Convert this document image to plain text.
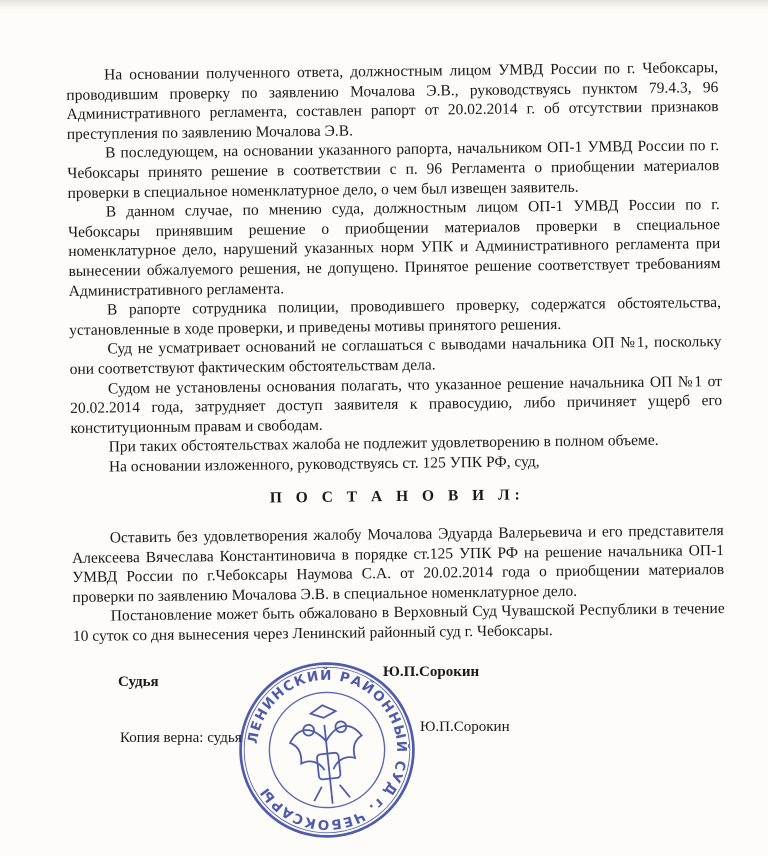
На основании полученного ответа, должностным лицом УМВД России по г. Чебоксары, проводившим проверку по заявлению Мочалова Э.В., руководствуясь пунктом 79.4.3, 96 Административного регламента, составлен рапорт от 20.02.2014 г. об отсутствии признаков преступления по заявлению Мочалова Э.В.

В последующем, на основании указанного рапорта, начальником ОП-1 УМВД России по г. Чебоксары принято решение в соответствии с п. 96 Регламента о приобщении материалов проверки в специальное номенклатурное дело, о чем был извещен заявитель.

В данном случае, по мнению суда, должностным лицом ОП-1 УМВД России по г. Чебоксары принявшим решение о приобщении материалов проверки в специальное номенклатурное дело, нарушений указанных норм УПК и Административного регламента при вынесении обжалуемого решения, не допущено. Принятое решение соответствует требованиям Административного регламента.

В рапорте сотрудника полиции, проводившего проверку, содержатся обстоятельства, установленные в ходе проверки, и приведены мотивы принятого решения.

Суд не усматривает оснований не соглашаться с выводами начальника ОП №1, поскольку они соответствуют фактическим обстоятельствам дела.

Судом не установлены основания полагать, что указанное решение начальника ОП №1 от 20.02.2014 года, затрудняет доступ заявителя к правосудию, либо причиняет ущерб его конституционным правам и свободам.

При таких обстоятельствах жалоба не подлежит удовлетворению в полном объеме.

На основании изложенного, руководствуясь ст. 125 УПК РФ, суд,

П О С Т А Н О В И Л:

Оставить без удовлетворения жалобу Мочалова Эдуарда Валерьевича и его представителя Алексеева Вячеслава Константиновича в порядке ст.125 УПК РФ на решение начальника ОП-1 УМВД России по г.Чебоксары Наумова С.А. от 20.02.2014 года о приобщении материалов проверки по заявлению Мочалова Э.В. в специальное номенклатурное дело.

Постановление может быть обжаловано в Верховный Суд Чувашской Республики в течение 10 суток со дня вынесения через Ленинский районный суд г. Чебоксары.

ЛЕНИНСКИЙ РАЙОННЫЙ СУД г. ЧЕБОКСАРЫ
Судья
Ю.П.Сорокин
Копия верна: судья
Ю.П.Сорокин
